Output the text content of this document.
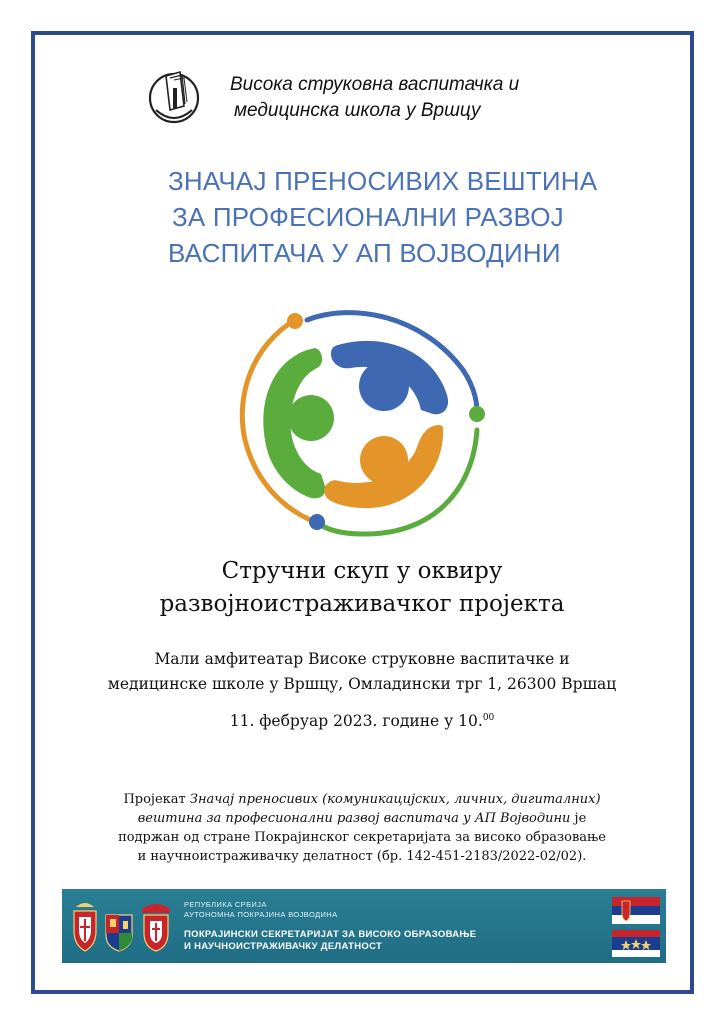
Висока струковна васпитачка и
медицинска школа у Вршцу
ЗНАЧАЈ ПРЕНОСИВИХ ВЕШТИНА
ЗА ПРОФЕСИОНАЛНИ РАЗВОЈ
ВАСПИТАЧА У АП ВОЈВОДИНИ
Стручни скуп у оквиру
развојноистраживачког пројекта
Мали амфитеатар Високе струковне васпитачке и
медицинске школе у Вршцу, Омладински трг 1, 26300 Вршац
11. фебруар 2023. године у 10.00
Пројекат Значај преносивих (комуникацијских, личних, дигиталних)
вештина за професионални развој васпитача у АП Војводини је
подржан од стране Покрајинског секретаријата за високо образовање
и научноистраживачку делатност (бр. 142-451-2183/2022-02/02).
РЕПУБЛИКА СРБИЈА
АУТОНОМНА ПОКРАЈИНА ВОЈВОДИНА
ПОКРАЈИНСКИ СЕКРЕТАРИЈАТ ЗА ВИСОКО ОБРАЗОВАЊЕ
И НАУЧНОИСТРАЖИВАЧКУ ДЕЛАТНОСТ
